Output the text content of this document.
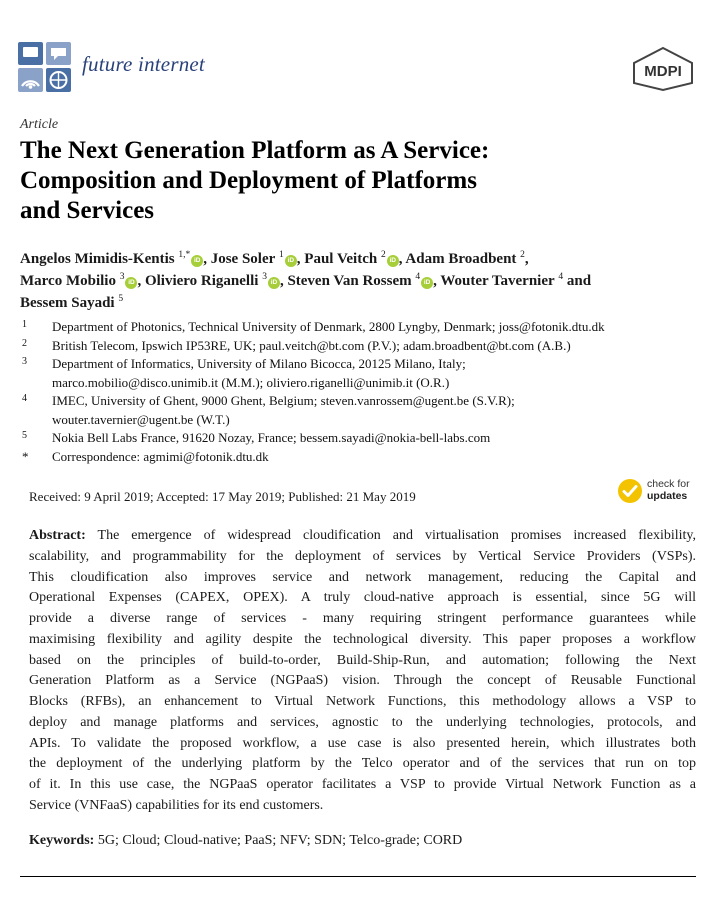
future internet	MDPI
Article
The Next Generation Platform as A Service:
Composition and Deployment of Platforms
and Services
Angelos Mimidis-Kentis $^{1,*}$iD , Jose Soler $^1$iD , Paul Veitch $^2$iD , Adam Broadbent $^2$,
Marco Mobilio $^3$iD , Oliviero Riganelli $^3$iD , Steven Van Rossem $^4$iD , Wouter Tavernier $^4$ and
Bessem Sayadi $^5$
1	Department of Photonics, Technical University of Denmark, 2800 Lyngby, Denmark; joss@fotonik.dtu.dk
2	British Telecom, Ipswich IP53RE, UK; paul.veitch@bt.com (P.V.); adam.broadbent@bt.com (A.B.)
3	Department of Informatics, University of Milano Bicocca, 20125 Milano, Italy;
marco.mobilio@disco.unimib.it (M.M.); oliviero.riganelli@unimib.it (O.R.)
4	IMEC, University of Ghent, 9000 Ghent, Belgium; steven.vanrossem@ugent.be (S.V.R);
wouter.tavernier@ugent.be (W.T.)
5	Nokia Bell Labs France, 91620 Nozay, France; bessem.sayadi@nokia-bell-labs.com
*	Correspondence: agmimi@fotonik.dtu.dk
Received: 9 April 2019; Accepted: 17 May 2019; Published: 21 May 2019
check for
updates
Abstract: The emergence of widespread cloudification and virtualisation promises increased flexibility,
scalability, and programmability for the deployment of services by Vertical Service Providers (VSPs).
This cloudification also improves service and network management, reducing the Capital and
Operational Expenses (CAPEX, OPEX). A truly cloud-native approach is essential, since 5G will
provide a diverse range of services - many requiring stringent performance guarantees while
maximising flexibility and agility despite the technological diversity. This paper proposes a workflow
based on the principles of build-to-order, Build-Ship-Run, and automation; following the Next
Generation Platform as a Service (NGPaaS) vision. Through the concept of Reusable Functional
Blocks (RFBs), an enhancement to Virtual Network Functions, this methodology allows a VSP to
deploy and manage platforms and services, agnostic to the underlying technologies, protocols, and
APIs. To validate the proposed workflow, a use case is also presented herein, which illustrates both
the deployment of the underlying platform by the Telco operator and of the services that run on top
of it. In this use case, the NGPaaS operator facilitates a VSP to provide Virtual Network Function as a
Service (VNFaaS) capabilities for its end customers.
Keywords: 5G; Cloud; Cloud-native; PaaS; NFV; SDN; Telco-grade; CORD
